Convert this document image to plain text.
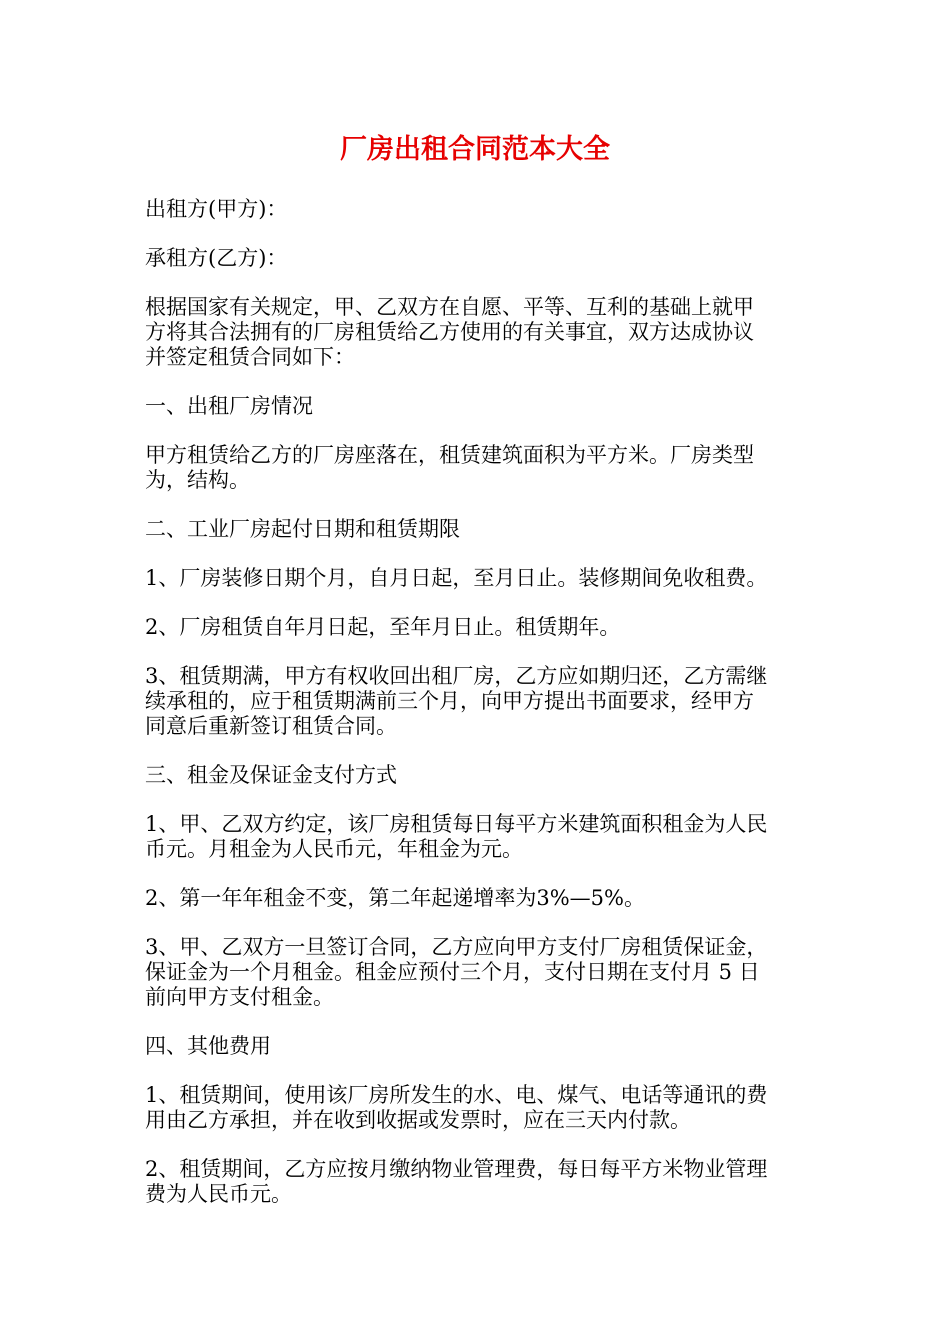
厂房出租合同范本大全

出租方(甲方)：

承租方(乙方)：

根据国家有关规定，甲、乙双方在自愿、平等、互利的基础上就甲
方将其合法拥有的厂房租赁给乙方使用的有关事宜，双方达成协议
并签定租赁合同如下：

一、出租厂房情况

甲方租赁给乙方的厂房座落在，租赁建筑面积为平方米。厂房类型
为，结构。

二、工业厂房起付日期和租赁期限

1、厂房装修日期个月，自月日起，至月日止。装修期间免收租费。

2、厂房租赁自年月日起，至年月日止。租赁期年。

3、租赁期满，甲方有权收回出租厂房，乙方应如期归还，乙方需继
续承租的，应于租赁期满前三个月，向甲方提出书面要求，经甲方
同意后重新签订租赁合同。

三、租金及保证金支付方式

1、甲、乙双方约定，该厂房租赁每日每平方米建筑面积租金为人民
币元。月租金为人民币元，年租金为元。

2、第一年年租金不变，第二年起递增率为3%—5%。

3、甲、乙双方一旦签订合同，乙方应向甲方支付厂房租赁保证金，
保证金为一个月租金。租金应预付三个月，支付日期在支付月 5 日
前向甲方支付租金。

四、其他费用

1、租赁期间，使用该厂房所发生的水、电、煤气、电话等通讯的费
用由乙方承担，并在收到收据或发票时，应在三天内付款。

2、租赁期间，乙方应按月缴纳物业管理费，每日每平方米物业管理
费为人民币元。
